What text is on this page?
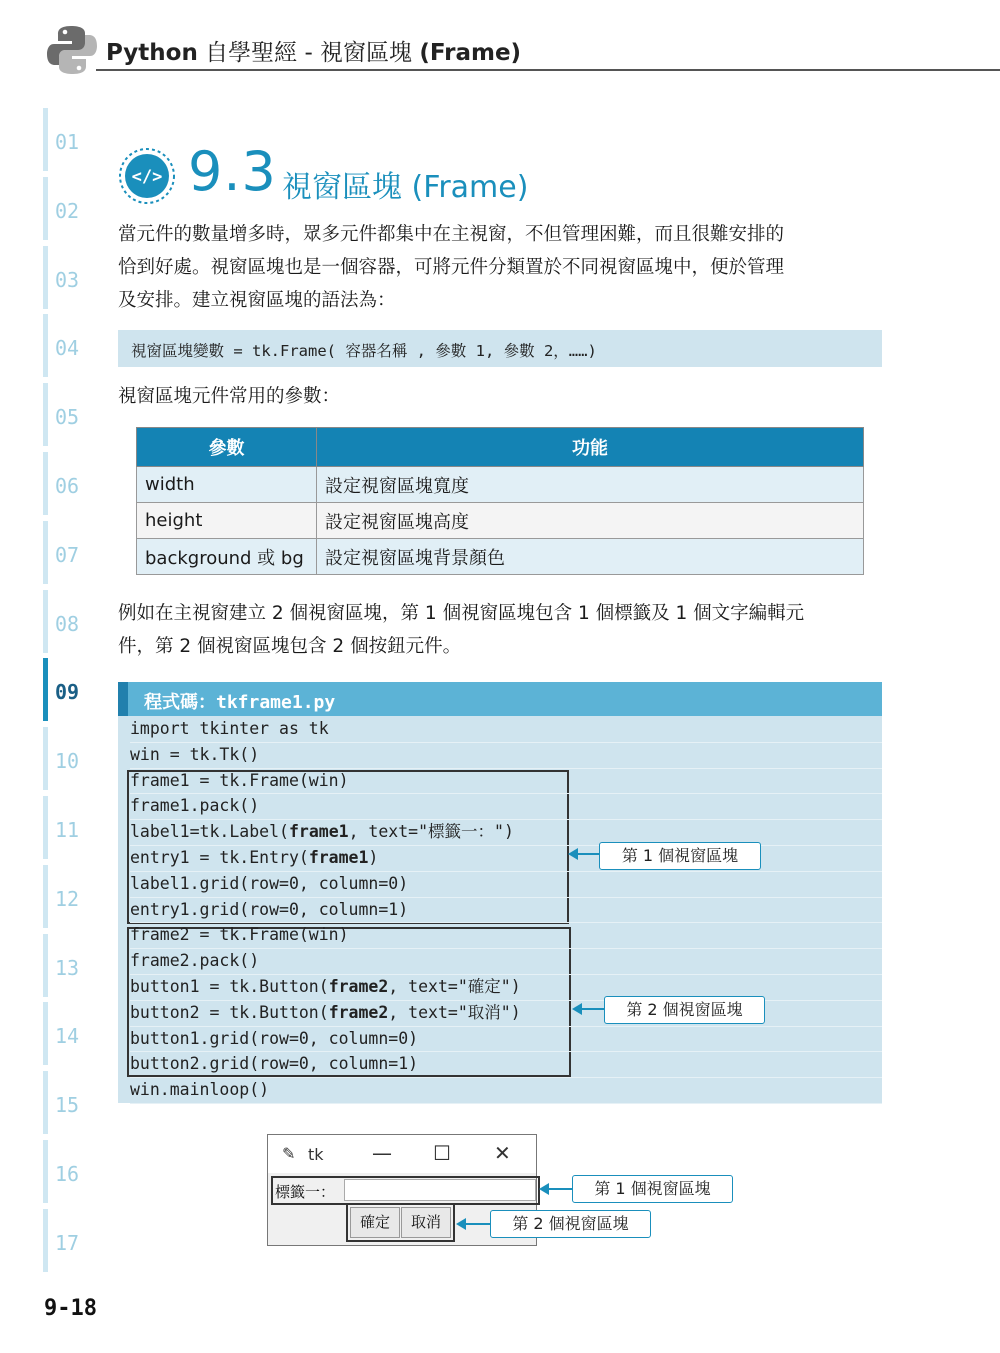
Python 自學聖經 - 視窗區塊 (Frame)
01
02
03
04
05
06
07
08
09
10
11
12
13
14
15
16
17
</> 9.3 視窗區塊 (Frame)
當元件的數量增多時，眾多元件都集中在主視窗，不但管理困難，而且很難安排的
恰到好處。視窗區塊也是一個容器，可將元件分類置於不同視窗區塊中，便於管理
及安排。建立視窗區塊的語法為：
視窗區塊變數 = tk.Frame( 容器名稱 , 參數 1, 參數 2，……)
視窗區塊元件常用的參數：
參數	功能
width	設定視窗區塊寬度
height	設定視窗區塊高度
background 或 bg	設定視窗區塊背景顏色
例如在主視窗建立 2 個視窗區塊，第 1 個視窗區塊包含 1 個標籤及 1 個文字編輯元
件，第 2 個視窗區塊包含 2 個按鈕元件。
程式碼：tkframe1.py
import tkinter as tk
win = tk.Tk()
frame1 = tk.Frame(win)
frame1.pack()
label1=tk.Label(frame1, text="標籤一：")
entry1 = tk.Entry(frame1)
label1.grid(row=0, column=0)
entry1.grid(row=0, column=1)
frame2 = tk.Frame(win)
frame2.pack()
button1 = tk.Button(frame2, text="確定")
button2 = tk.Button(frame2, text="取消")
button1.grid(row=0, column=0)
button2.grid(row=0, column=1)
win.mainloop()
第 1 個視窗區塊
第 2 個視窗區塊
✎ tk — ☐ ✕
標籤一：
確定	取消
第 1 個視窗區塊
第 2 個視窗區塊
9-18
